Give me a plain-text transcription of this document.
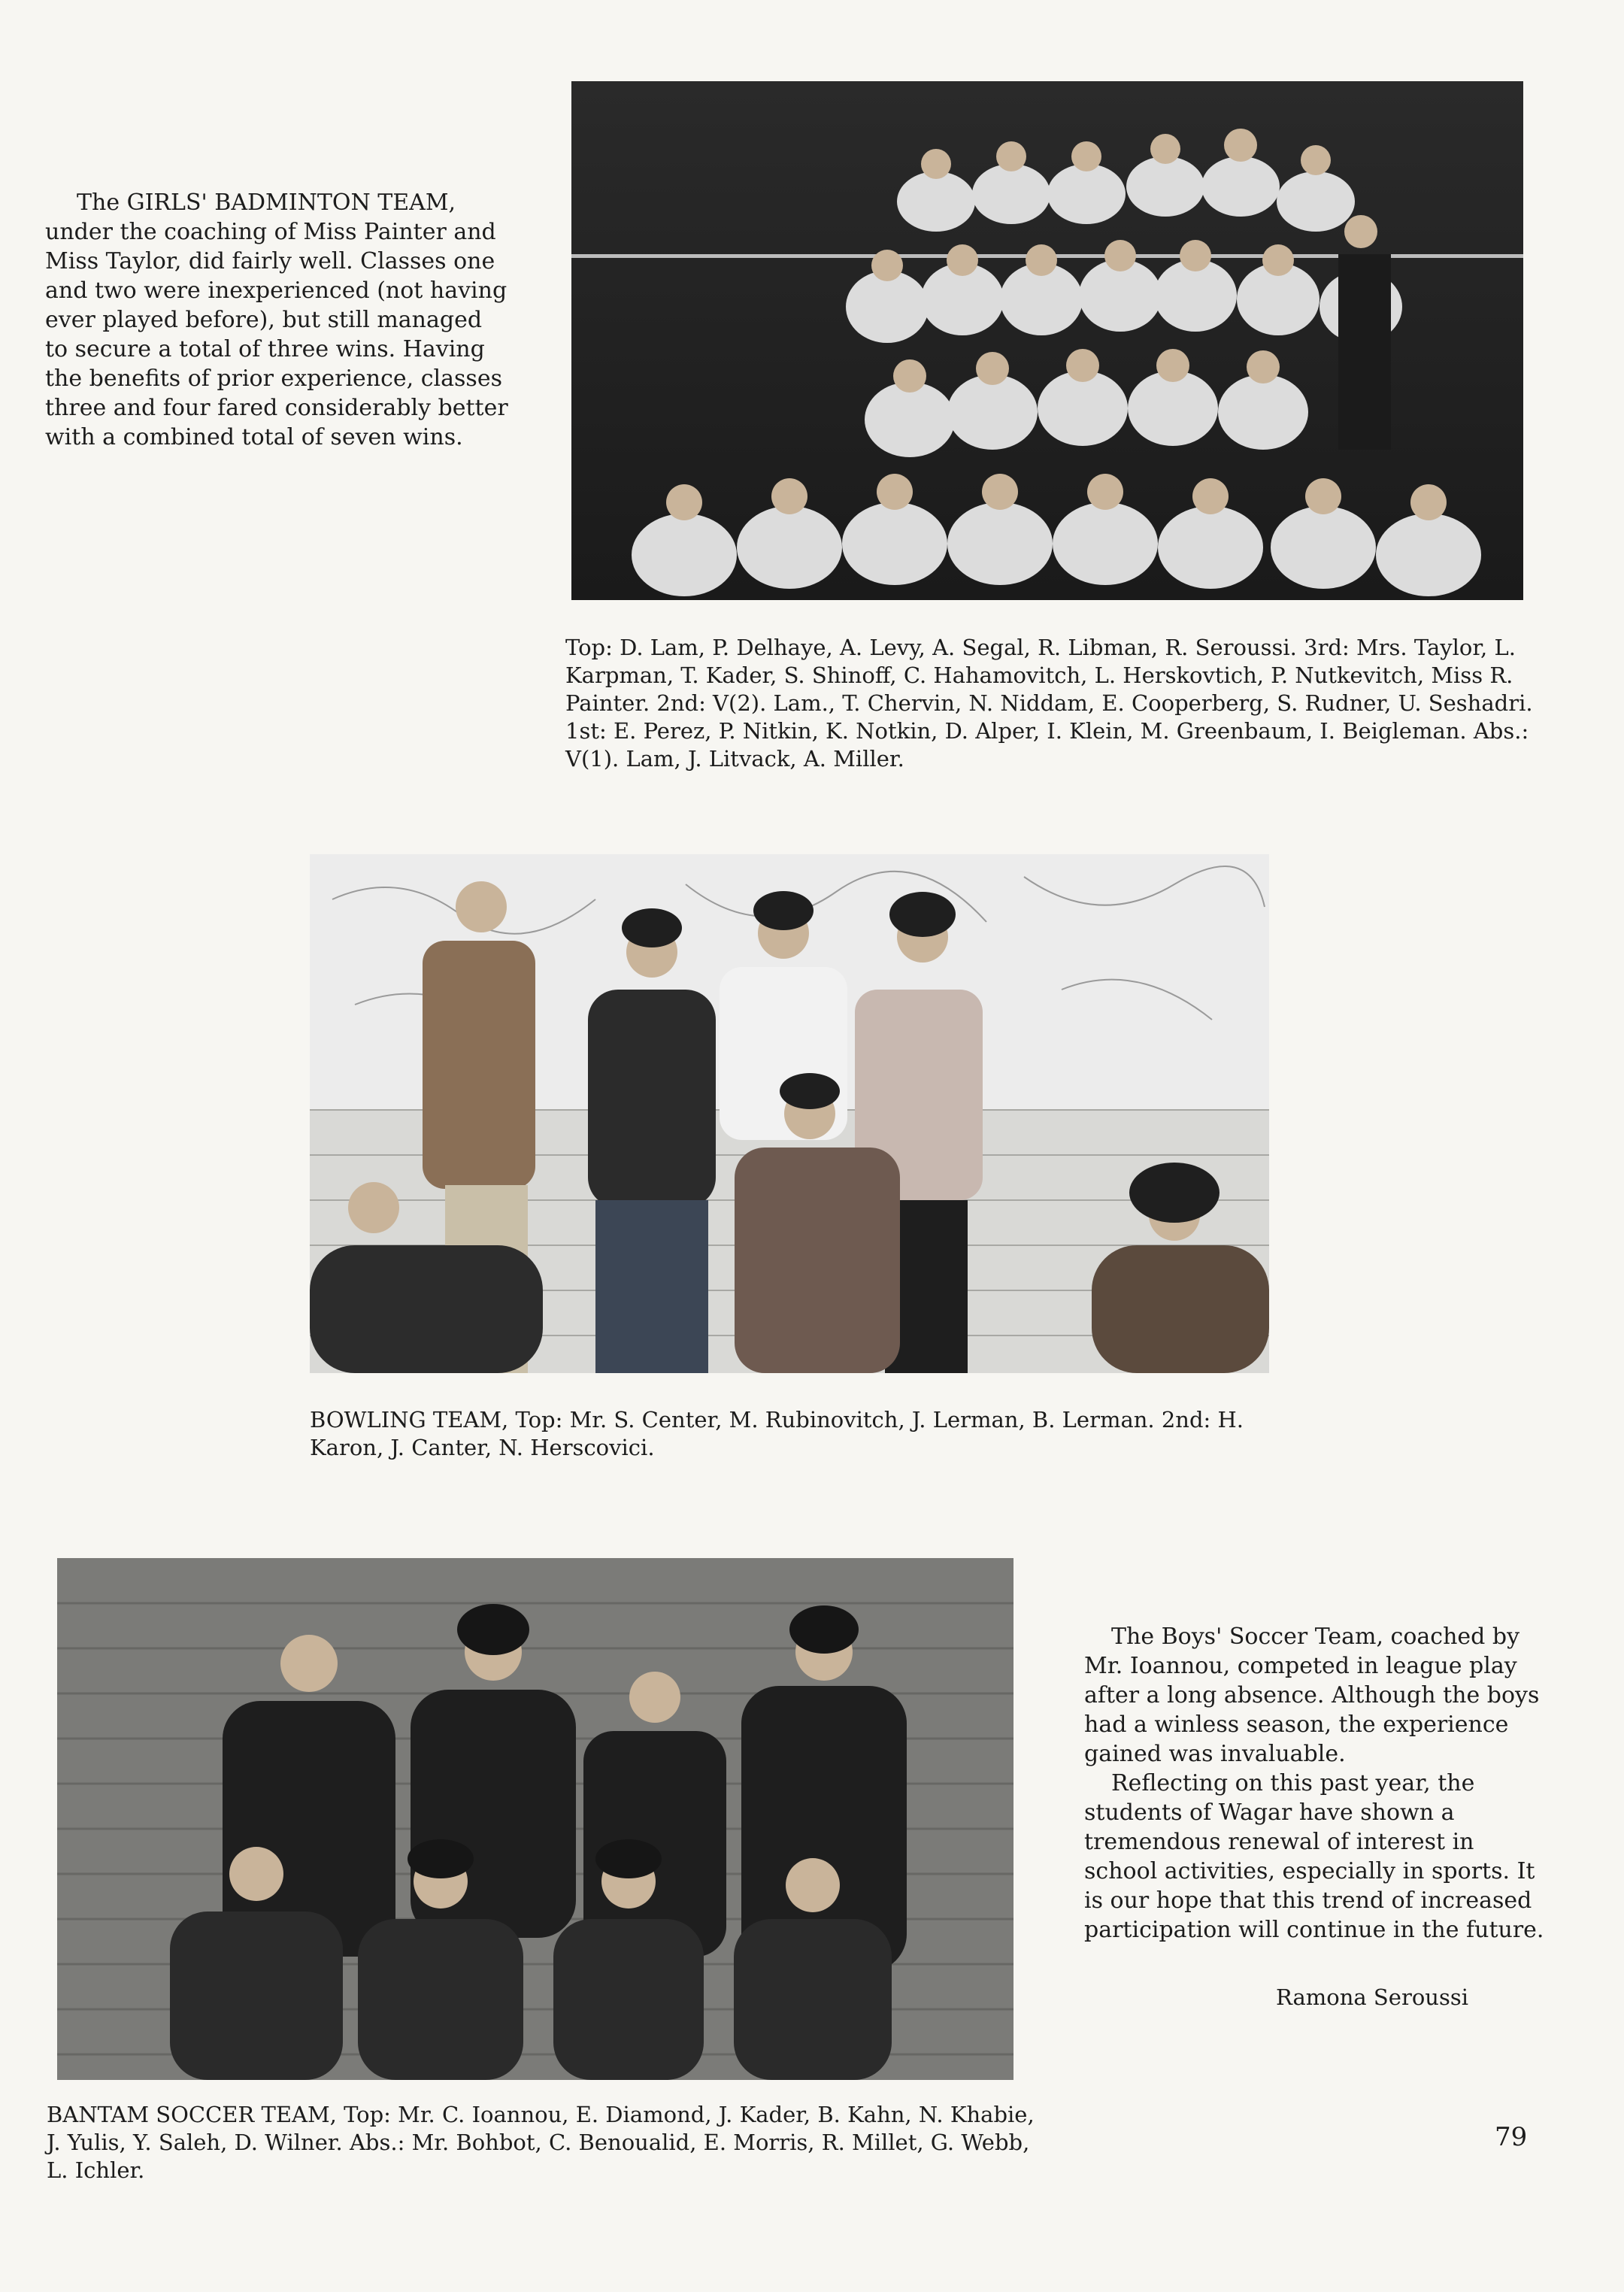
The GIRLS' BADMINTON TEAM, under the coaching of Miss Painter and Miss Taylor, did fairly well. Classes one and two were inexperienced (not having ever played before), but still managed to secure a total of three wins. Having the benefits of prior experience, classes three and four fared considerably better with a combined total of seven wins.

Top: D. Lam, P. Delhaye, A. Levy, A. Segal, R. Libman, R. Seroussi. 3rd: Mrs. Taylor, L. Karpman, T. Kader, S. Shinoff, C. Hahamovitch, L. Herskovtich, P. Nutkevitch, Miss R. Painter. 2nd: V(2). Lam., T. Chervin, N. Niddam, E. Cooperberg, S. Rudner, U. Seshadri. 1st: E. Perez, P. Nitkin, K. Notkin, D. Alper, I. Klein, M. Greenbaum, I. Beigleman. Abs.: V(1). Lam, J. Litvack, A. Miller.

BOWLING TEAM, Top: Mr. S. Center, M. Rubinovitch, J. Lerman, B. Lerman. 2nd: H. Karon, J. Canter, N. Herscovici.

The Boys' Soccer Team, coached by Mr. Ioannou, competed in league play after a long absence. Although the boys had a winless season, the experience gained was invaluable.

Reflecting on this past year, the students of Wagar have shown a tremendous renewal of interest in school activities, especially in sports. It is our hope that this trend of increased participation will continue in the future.

Ramona Seroussi

BANTAM SOCCER TEAM, Top: Mr. C. Ioannou, E. Diamond, J. Kader, B. Kahn, N. Khabie, J. Yulis, Y. Saleh, D. Wilner. Abs.: Mr. Bohbot, C. Benoualid, E. Morris, R. Millet, G. Webb, L. Ichler.

79
